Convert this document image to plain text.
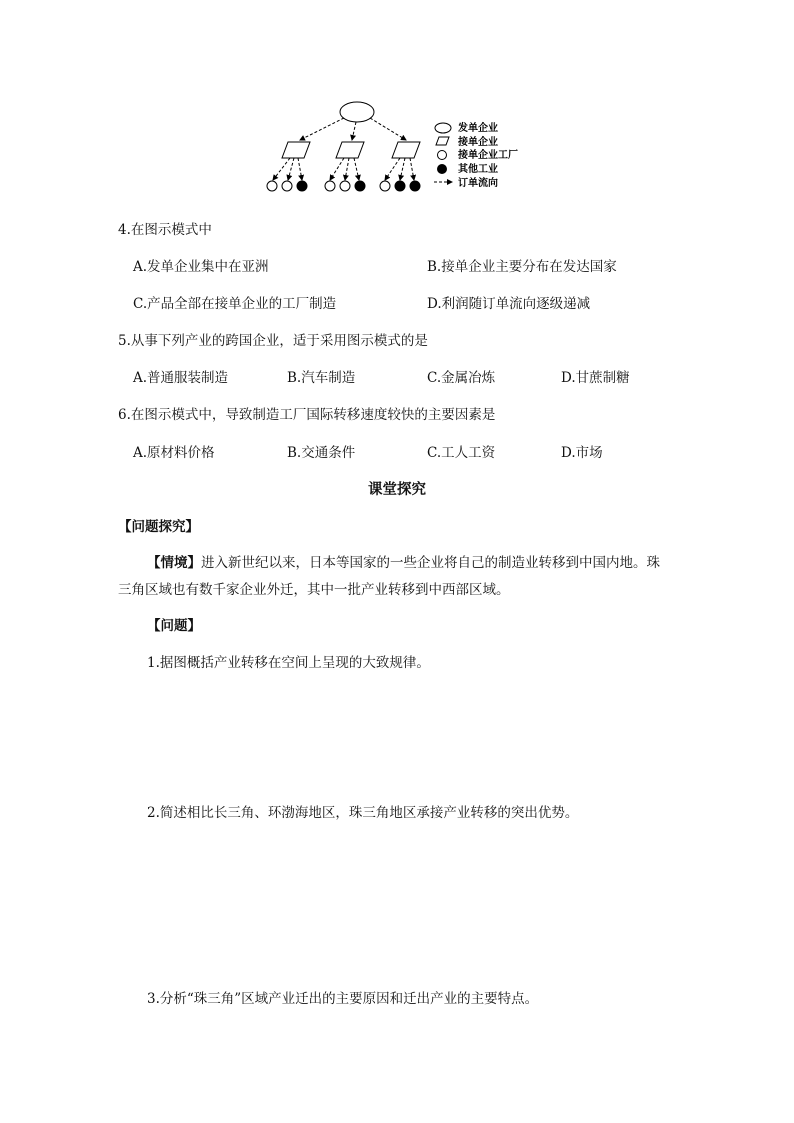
发单企业
接单企业
接单企业工厂
其他工业
订单流向
4.在图示模式中
A.发单企业集中在亚洲	B.接单企业主要分布在发达国家
C.产品全部在接单企业的工厂制造	D.利润随订单流向逐级递减
5.从事下列产业的跨国企业，适于采用图示模式的是
A.普通服装制造	B.汽车制造	C.金属冶炼	D.甘蔗制糖
6.在图示模式中，导致制造工厂国际转移速度较快的主要因素是
A.原材料价格	B.交通条件	C.工人工资	D.市场
课堂探究
【问题探究】
【情境】进入新世纪以来，日本等国家的一些企业将自己的制造业转移到中国内地。珠
三角区域也有数千家企业外迁，其中一批产业转移到中西部区域。
【问题】
1.据图概括产业转移在空间上呈现的大致规律。
2.简述相比长三角、环渤海地区，珠三角地区承接产业转移的突出优势。
3.分析“珠三角”区域产业迁出的主要原因和迁出产业的主要特点。
